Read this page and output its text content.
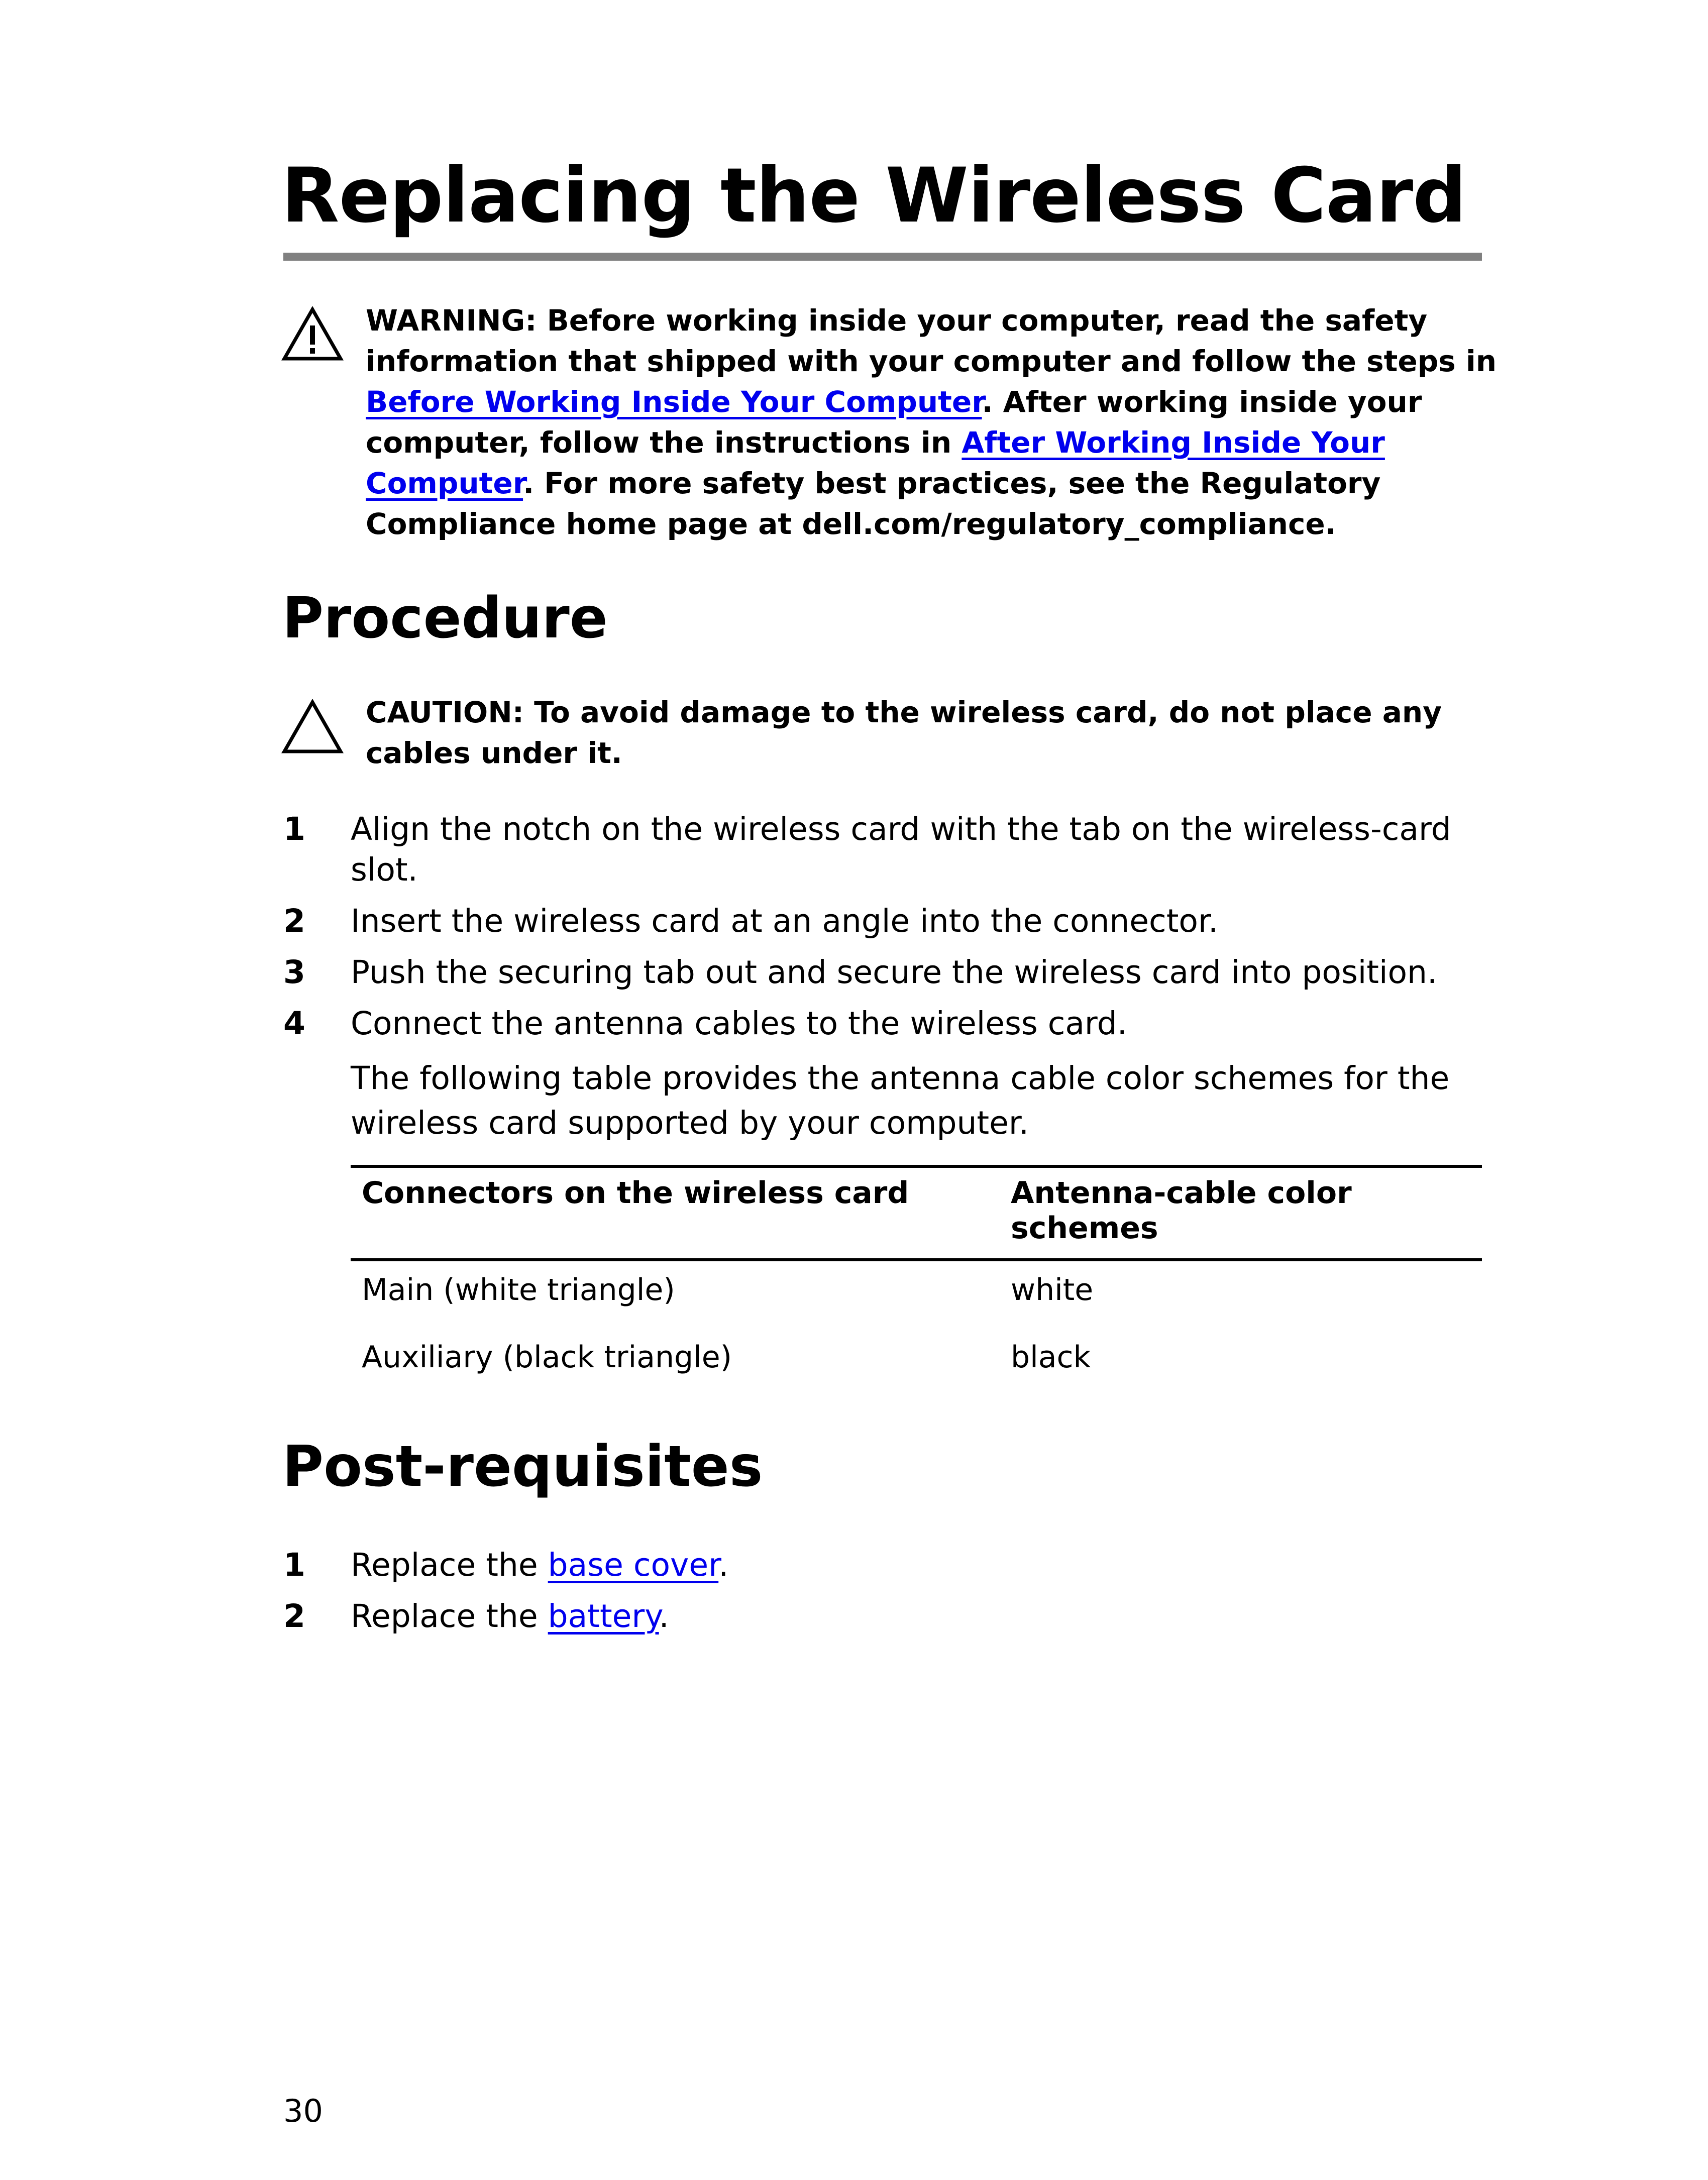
Replacing the Wireless Card
WARNING: Before working inside your computer, read the safety information that shipped with your computer and follow the steps in Before Working Inside Your Computer. After working inside your computer, follow the instructions in After Working Inside Your Computer. For more safety best practices, see the Regulatory Compliance home page at dell.com/regulatory_compliance.
Procedure
CAUTION: To avoid damage to the wireless card, do not place any cables under it.
1 Align the notch on the wireless card with the tab on the wireless-card slot.
2 Insert the wireless card at an angle into the connector.
3 Push the securing tab out and secure the wireless card into position.
4 Connect the antenna cables to the wireless card.
The following table provides the antenna cable color schemes for the wireless card supported by your computer.
Connectors on the wireless card	Antenna-cable color schemes
Main (white triangle)	white
Auxiliary (black triangle)	black
Post-requisites
1 Replace the base cover.
2 Replace the battery.
30
